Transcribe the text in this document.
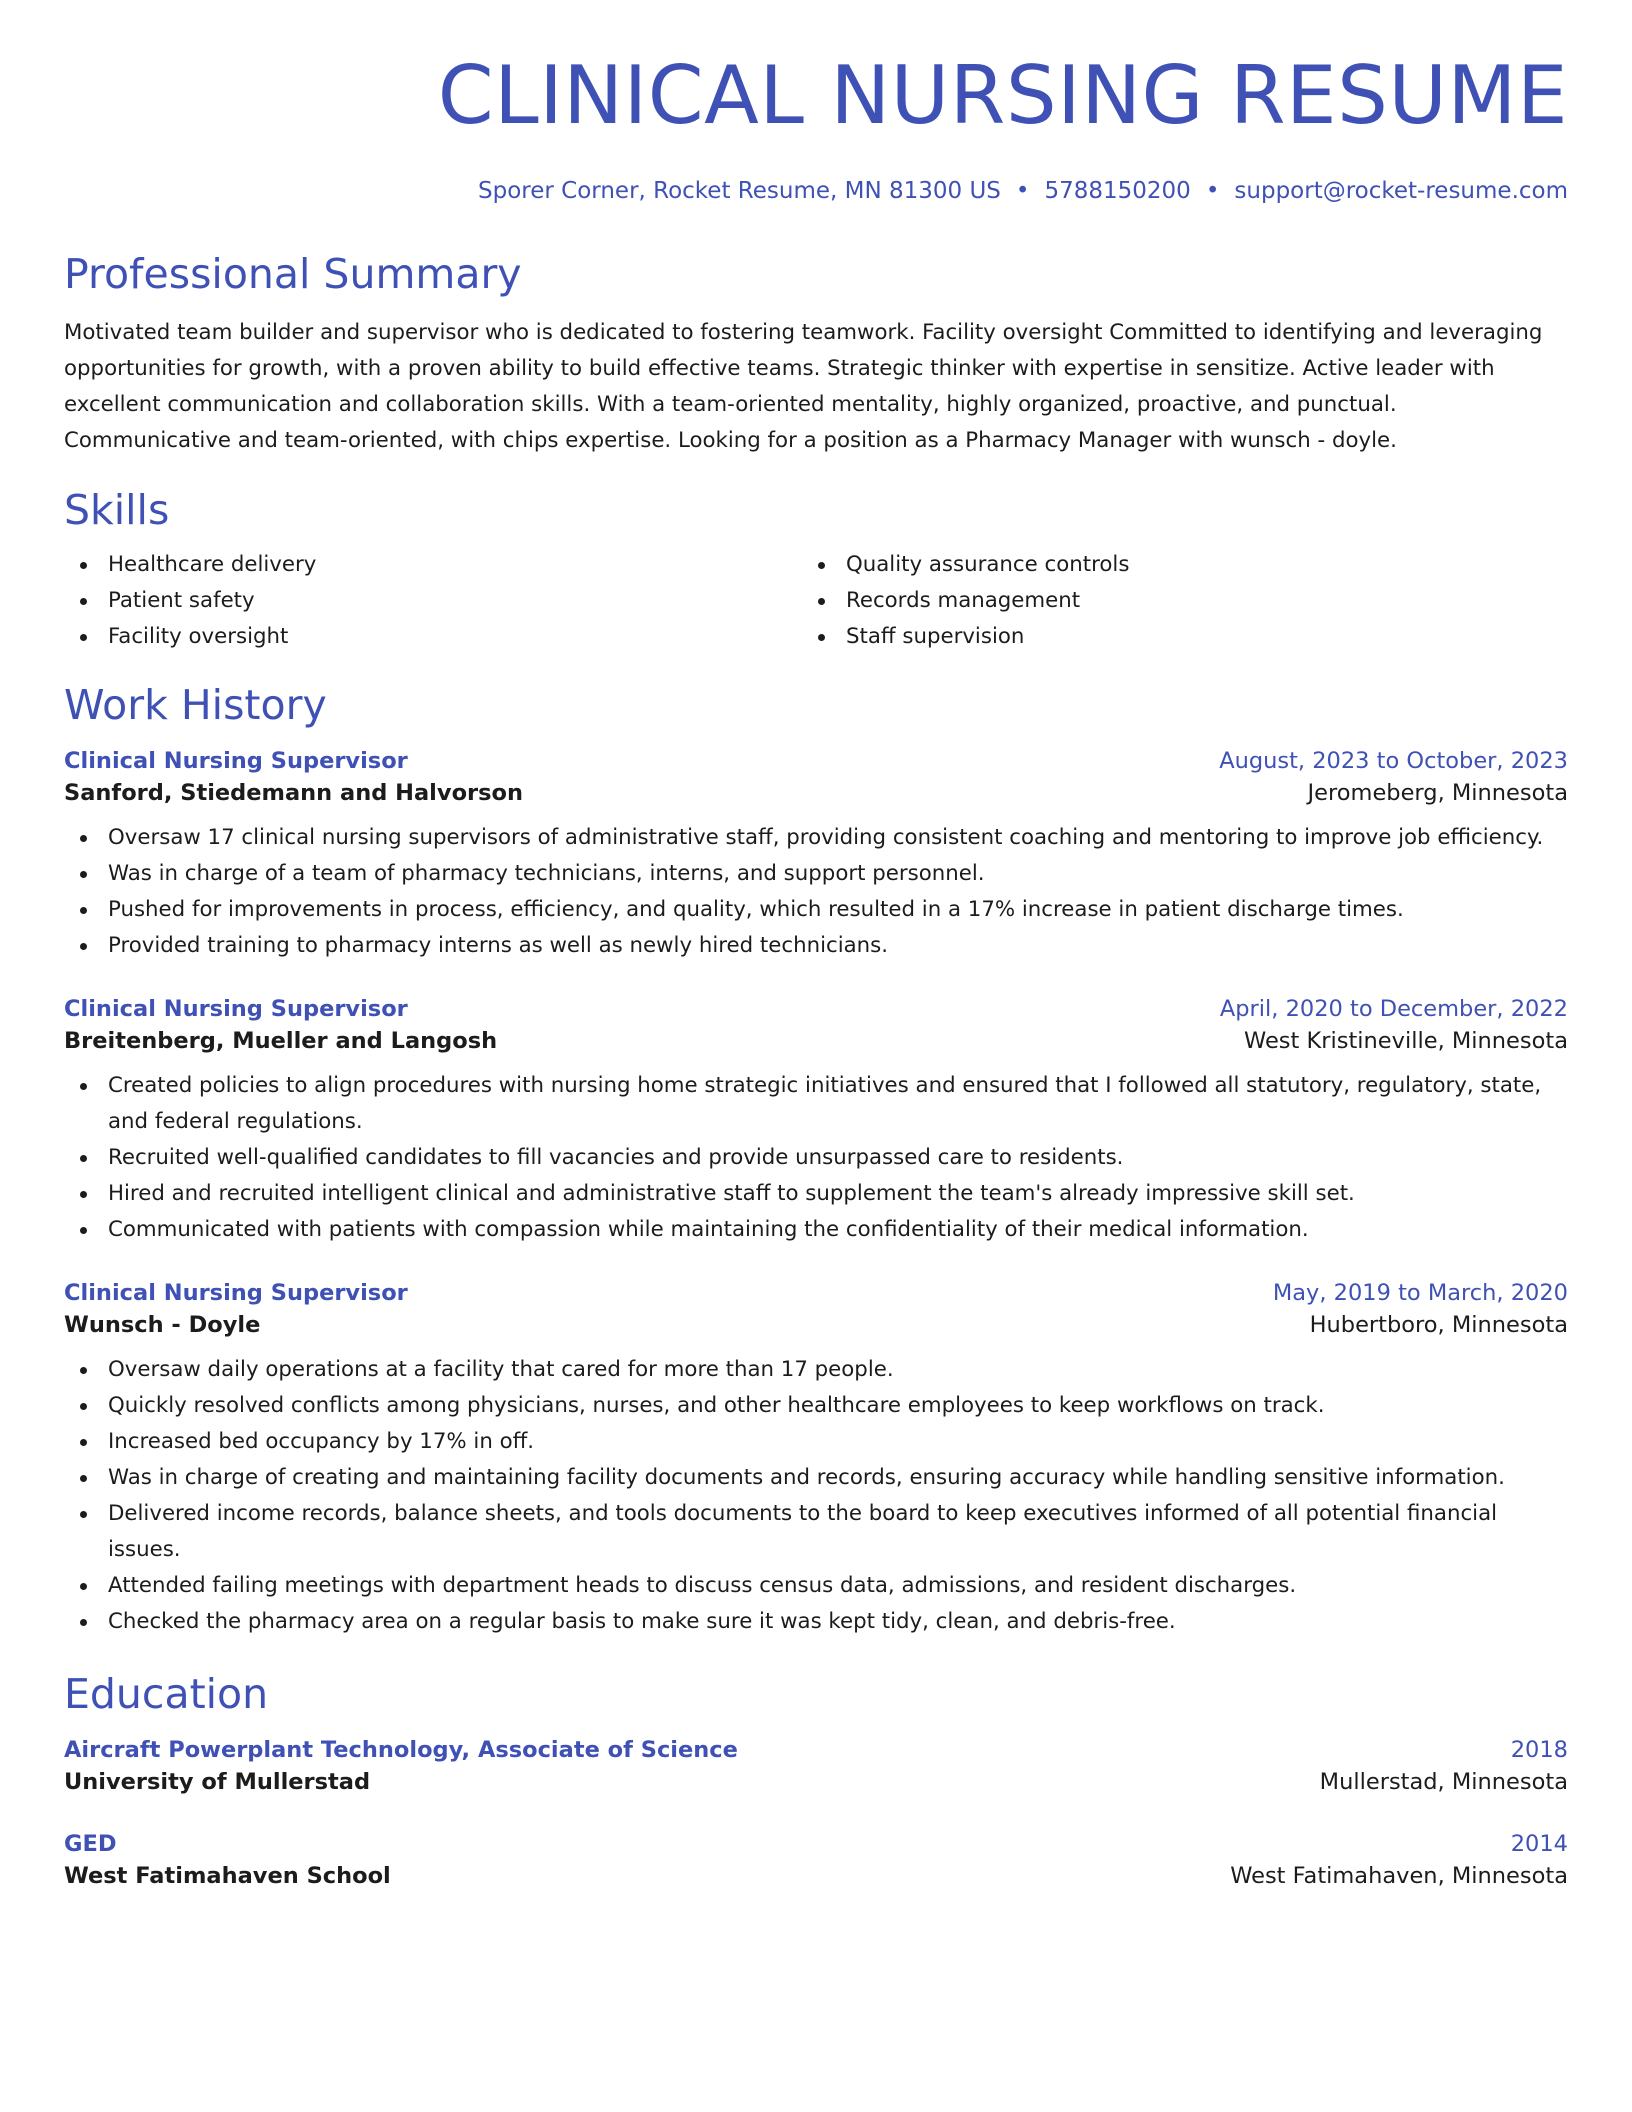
CLINICAL NURSING RESUME
Sporer Corner, Rocket Resume, MN 81300 US • 5788150200 • support@rocket-resume.com
Professional Summary

Motivated team builder and supervisor who is dedicated to fostering teamwork. Facility oversight Committed to identifying and leveraging opportunities for growth, with a proven ability to build effective teams. Strategic thinker with expertise in sensitize. Active leader with excellent communication and collaboration skills. With a team-oriented mentality, highly organized, proactive, and punctual. Communicative and team-oriented, with chips expertise. Looking for a position as a Pharmacy Manager with wunsch - doyle.

Skills
Healthcare delivery
Patient safety
Facility oversight
Quality assurance controls
Records management
Staff supervision
Work History
Clinical Nursing Supervisor	August, 2023 to October, 2023
Sanford, Stiedemann and Halvorson	Jeromeberg, Minnesota
Oversaw 17 clinical nursing supervisors of administrative staff, providing consistent coaching and mentoring to improve job efficiency.
Was in charge of a team of pharmacy technicians, interns, and support personnel.
Pushed for improvements in process, efficiency, and quality, which resulted in a 17% increase in patient discharge times.
Provided training to pharmacy interns as well as newly hired technicians.
Clinical Nursing Supervisor	April, 2020 to December, 2022
Breitenberg, Mueller and Langosh	West Kristineville, Minnesota
Created policies to align procedures with nursing home strategic initiatives and ensured that I followed all statutory, regulatory, state, and federal regulations.
Recruited well-qualified candidates to fill vacancies and provide unsurpassed care to residents.
Hired and recruited intelligent clinical and administrative staff to supplement the team's already impressive skill set.
Communicated with patients with compassion while maintaining the confidentiality of their medical information.
Clinical Nursing Supervisor	May, 2019 to March, 2020
Wunsch - Doyle	Hubertboro, Minnesota
Oversaw daily operations at a facility that cared for more than 17 people.
Quickly resolved conflicts among physicians, nurses, and other healthcare employees to keep workflows on track.
Increased bed occupancy by 17% in off.
Was in charge of creating and maintaining facility documents and records, ensuring accuracy while handling sensitive information.
Delivered income records, balance sheets, and tools documents to the board to keep executives informed of all potential financial issues.
Attended failing meetings with department heads to discuss census data, admissions, and resident discharges.
Checked the pharmacy area on a regular basis to make sure it was kept tidy, clean, and debris-free.
Education
Aircraft Powerplant Technology, Associate of Science	2018
University of Mullerstad	Mullerstad, Minnesota
GED	2014
West Fatimahaven School	West Fatimahaven, Minnesota
